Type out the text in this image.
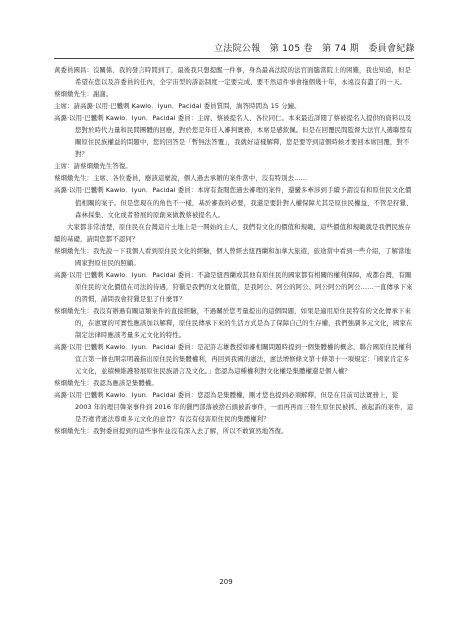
立法院公報　第 105 卷　第 74 期　委員會紀錄

黃委員國昌：沒關係，我的發言時間到了，最後我只想提醒一件事，身為最高法院的法官面臨當院上的困難，我也知道，但是希望在您以及許委員的任內，全宇宙型的訴訟制度一定要完成，要不然這件事會拖個幾十年，永遠沒有盡了的一天。

蔡烱燉先生：謝謝。

主席：請高潞‧以用‧巴魕剌 Kawlo．Iyun．Pacidal 委員質問，詢答時間為 15 分鐘。

高潞‧以用‧巴魕剌 Kawlo．Iyun．Pacidal 委員：主席、蔡被提名人、各位同仁。本來最近詳閱了蔡被提名人提供的資料以及您對於時代力量和民間團體的回應，對於您是年任入審判實務，本席是感欽佩。但是在回覆民間監督大法官人選聯盟有關原住民族權益的問題中，您的回答是「暫無法答覆」，我就好這樣解釋，您是要等到這個時候才要回本席回覆，對不對？

主席：請蔡烱燉先生答復。

蔡烱燉先生：主席、各位委員，應該這麼說，個人過去承辦的案件當中，沒有特別去……

高潞‧以用‧巴魕剌 Kawlo．Iyun．Pacidal 委員：本席有查閱您過去審理的案件，還蠻多牽涉到手續予謂沒有和原住民文化價值相關的案子。但是您現在的角色不一樣，基於審查的必要，我還是要針對人權保障尤其是原住民權益，不管是狩獵、森林採集、文化或者發展的原創來做教蔡被提名人。

大家都非常清楚，原住民在台灣這片土地上是一開始的主人，我們有文化的價值和規範，這些價值和規範就是我們民族存續的基礎，請問您都不認同？

蔡烱燉先生：我先說一下我個人看到原住民文化的經驗，個人曾經去紐西蘭和加拿大旅遊，旅途當中看到一些介紹，了解當地國家對原住民的照顧。

高潞‧以用‧巴魕剌 Kawlo．Iyun．Pacidal 委員：不論是紐西蘭或其他有原住民的國家都有相關的權利保障，成都台灣，有關原住民的文化價值在司法的待遇，狩獵是我們的文化價值，是我阿公、阿公的阿公、阿公阿公的阿公……一直傳承下來的習慣，請問我會狩獵是犯了什麼罪？

蔡烱燉先生：我沒有辦過有關這類案件的直接經驗，不過關於您考量提出的這個問題，如果是適用原住民特有的文化傳承下來的，在憲實的可實性應該加以解釋，原住民傳承下來的生活方式是為了保障自己的生存權，我們強調多元文化，國家在制定法律時應該考量多元文化的特性。

高潞‧以用‧巴魕剌 Kawlo．Iyun．Pacidal 委員：是記許志雄教授如審相關問題時提到一個集體權的概念，聯合國原住民權利宣言第一條也開宗明義指出原住民的集體權利，再回到我國的憲法，憲法增修條文第十條第十一項規定：「國家肯定多元文化，並積極維護發展原住民族語言及文化。」您認為這種權利對文化權是集體權還是個人權？

蔡烱燉先生：我認為應該是集體權。

高潞‧以用‧巴魕剌 Kawlo．Iyun．Pacidal 委員：您認為是集體權，剛才您也提到必須解釋，但是在目前司法實務上，從 2003 年的理目韓案事件到 2016 年的獵門部落被捨石頭被訴事件，一而再再而三發生原住民被抓、被起訴的案件，這是否違背憲法尊重多元文化的意旨？有沒有侵害原住民的集體權利？

蔡烱燉先生：我對委員提到的這些事件並沒有深入去了解，所以不敢貿然地答復。

209
